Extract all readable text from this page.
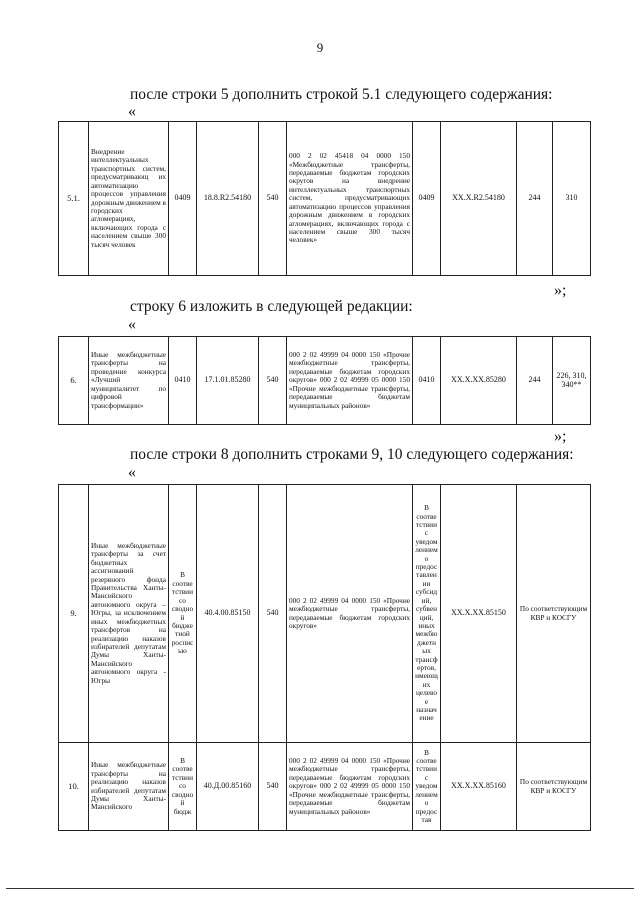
9
после строки 5 дополнить строкой 5.1 следующего содержания:
«
5.1.	Внедрение интеллектуальных транспортных систем, предусматривающ их автоматизацию процессов управления дорожным движением в городских агломерациях, включающих города с населением свыше 300 тысяч человек	0409	18.8.R2.54180	540	000 2 02 45418 04 0000 150 «Межбюджетные трансферты, передаваемые бюджетам городских округов на внедрение интеллектуальных транспортных систем, предусматривающих автоматизацию процессов управления дорожным движением в городских агломерациях, включающих города с населением свыше 300 тысяч человек»	0409	XX.X.R2.54180	244	310
»;
строку 6 изложить в следующей редакции:
«
6.	Иные межбюджетные трансферты на проведение конкурса «Лучший муниципалитет по цифровой трансформации»	0410	17.1.01.85280	540	000 2 02 49999 04 0000 150 «Прочие межбюджетные трансферты, передаваемые бюджетам городских округов» 000 2 02 49999 05 0000 150 «Прочие межбюджетные трансферты, передаваемые бюджетам муниципальных районов»	0410	XX.X.XX.85280	244	226, 310, 340**
»;
после строки 8 дополнить строками 9, 10 следующего содержания:
«
9.	Иные межбюджетные трансферты за счет бюджетных ассигнований резервного фонда Правительства Ханты-Мансийского автономного округа – Югры, за исключением иных межбюджетных трансфертов на реализацию наказов избирателей депутатам Думы Ханты-Мансийского автономного округа - Югры	В соответствии со сводной бюджетной росписью	40.4.00.85150	540	000 2 02 49999 04 0000 150 «Прочие межбюджетные трансферты, передаваемые бюджетам городских округов»	В соответствии с уведомлением о предоставлении субсидий, субвенций, иных межбюджетных трансфертов, имеющих целевое назначение	XX.X.XX.85150	По соответствующим КВР и КОСГУ
10.	Иные межбюджетные трансферты на реализацию наказов избирателей депутатам Думы Ханты-Мансийского	В соответствии со сводной бюдж	40.Д.00.85160	540	000 2 02 49999 04 0000 150 «Прочие межбюджетные трансферты, передаваемые бюджетам городских округов» 000 2 02 49999 05 0000 150 «Прочие межбюджетные трансферты, передаваемые бюджетам муниципальных районов»	В соответствии с уведомлением о предостав	XX.X.XX.85160	По соответствующим КВР и КОСГУ
